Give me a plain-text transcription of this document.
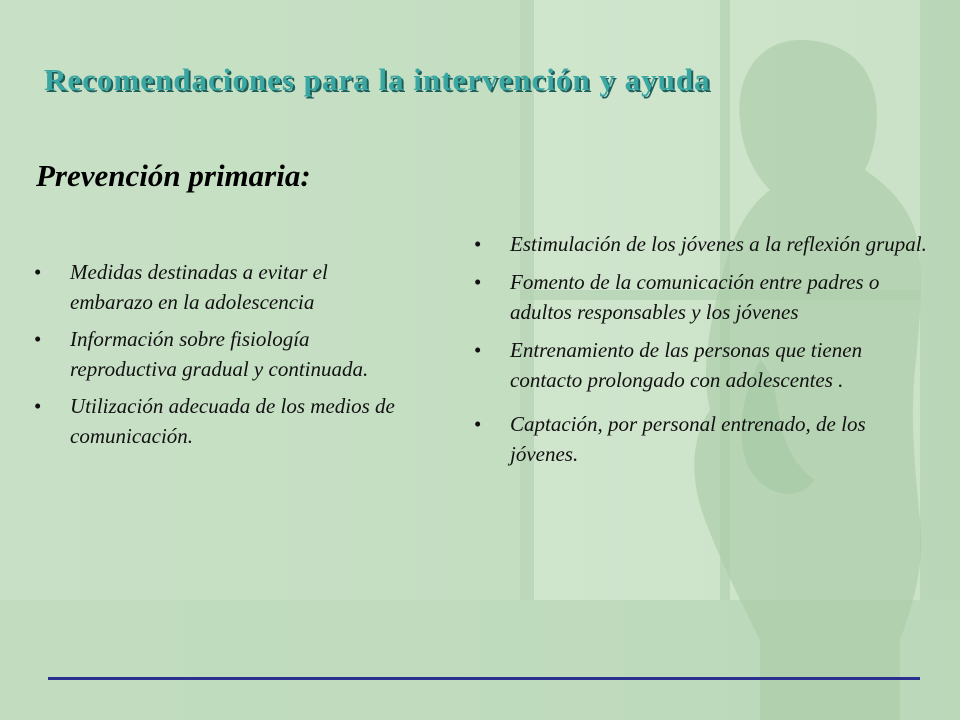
Recomendaciones para la intervención y ayuda
Prevención primaria:
• Medidas destinadas a evitar el embarazo en la adolescencia
• Información sobre fisiología reproductiva gradual y continuada.
• Utilización adecuada de los medios de comunicación.
• Estimulación de los jóvenes a la reflexión grupal.
• Fomento de la comunicación entre padres o adultos responsables y los jóvenes
• Entrenamiento de las personas que tienen contacto prolongado con adolescentes .
• Captación, por personal entrenado, de los jóvenes.
